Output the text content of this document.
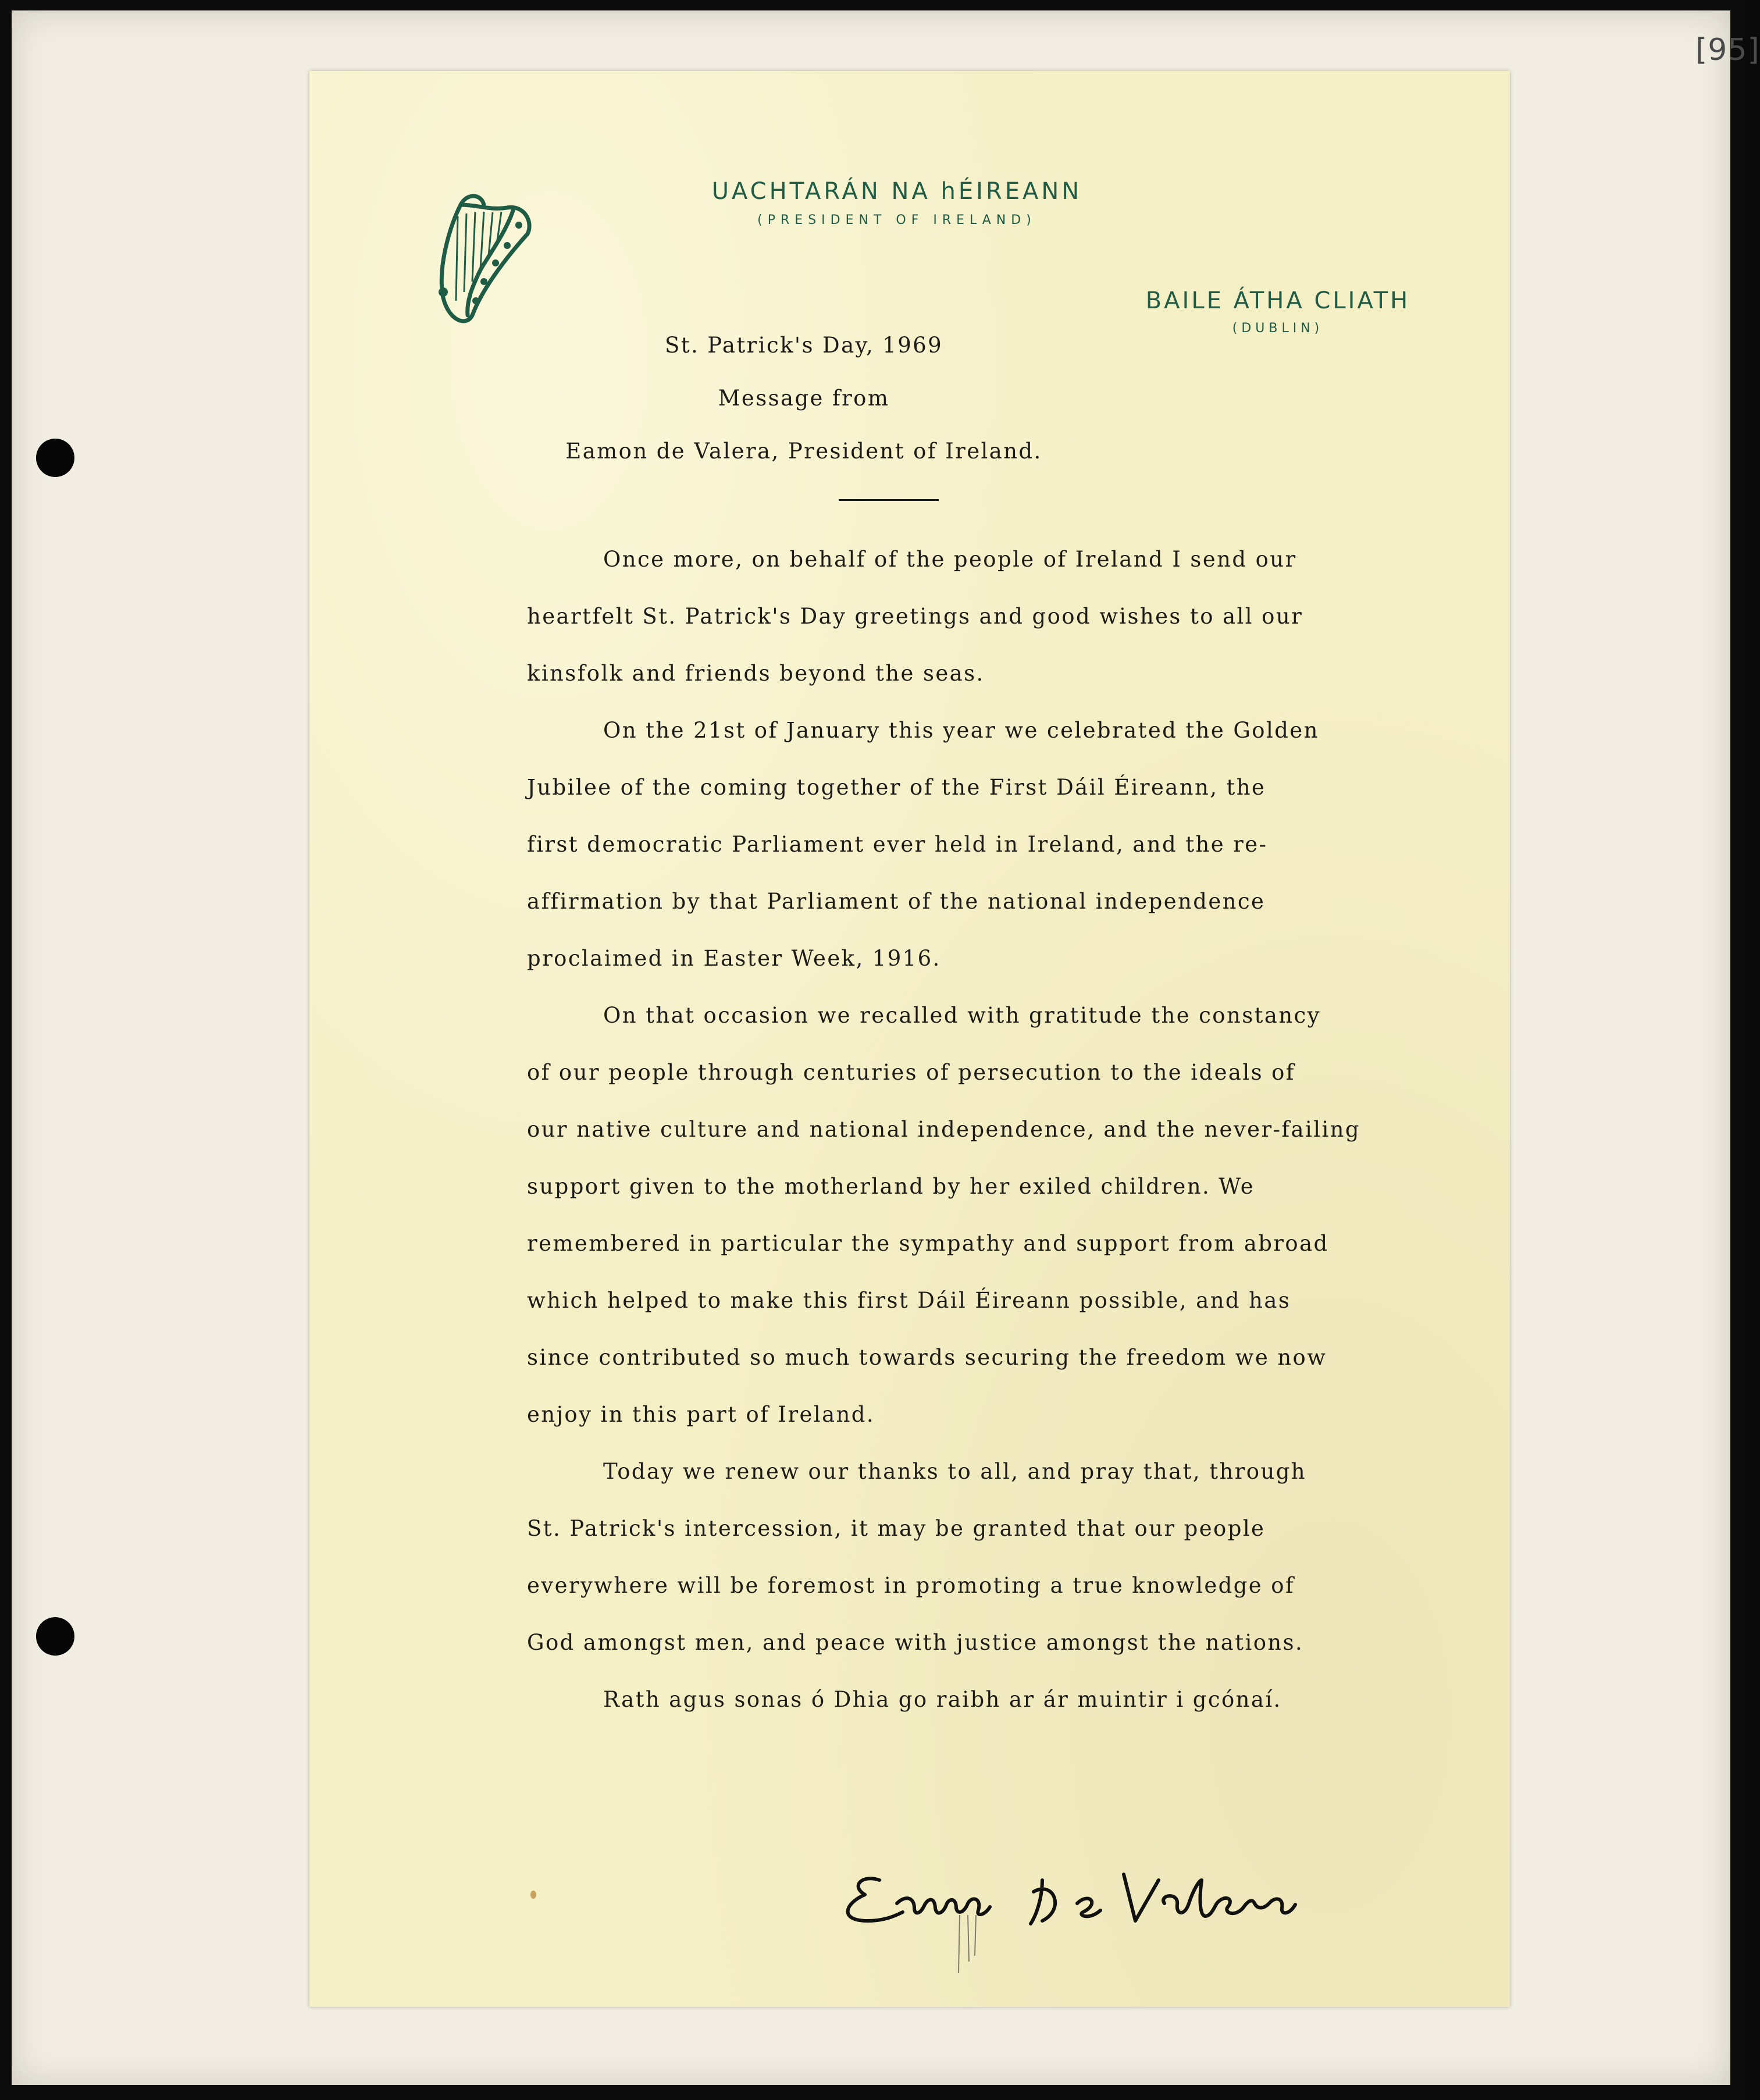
[95]
UACHTARÁN NA hÉIREANN
(PRESIDENT OF IRELAND)
BAILE ÁTHA CLIATH
(DUBLIN)
St. Patrick's Day, 1969
Message from
Eamon de Valera, President of Ireland.
Once more, on behalf of the people of Ireland I send our
heartfelt St. Patrick's Day greetings and good wishes to all our
kinsfolk and friends beyond the seas.
On the 21st of January this year we celebrated the Golden
Jubilee of the coming together of the First Dáil Éireann, the
first democratic Parliament ever held in Ireland, and the re-
affirmation by that Parliament of the national independence
proclaimed in Easter Week, 1916.
On that occasion we recalled with gratitude the constancy
of our people through centuries of persecution to the ideals of
our native culture and national independence, and the never-failing
support given to the motherland by her exiled children. We
remembered in particular the sympathy and support from abroad
which helped to make this first Dáil Éireann possible, and has
since contributed so much towards securing the freedom we now
enjoy in this part of Ireland.
Today we renew our thanks to all, and pray that, through
St. Patrick's intercession, it may be granted that our people
everywhere will be foremost in promoting a true knowledge of
God amongst men, and peace with justice amongst the nations.
Rath agus sonas ó Dhia go raibh ar ár muintir i gcónaí.
